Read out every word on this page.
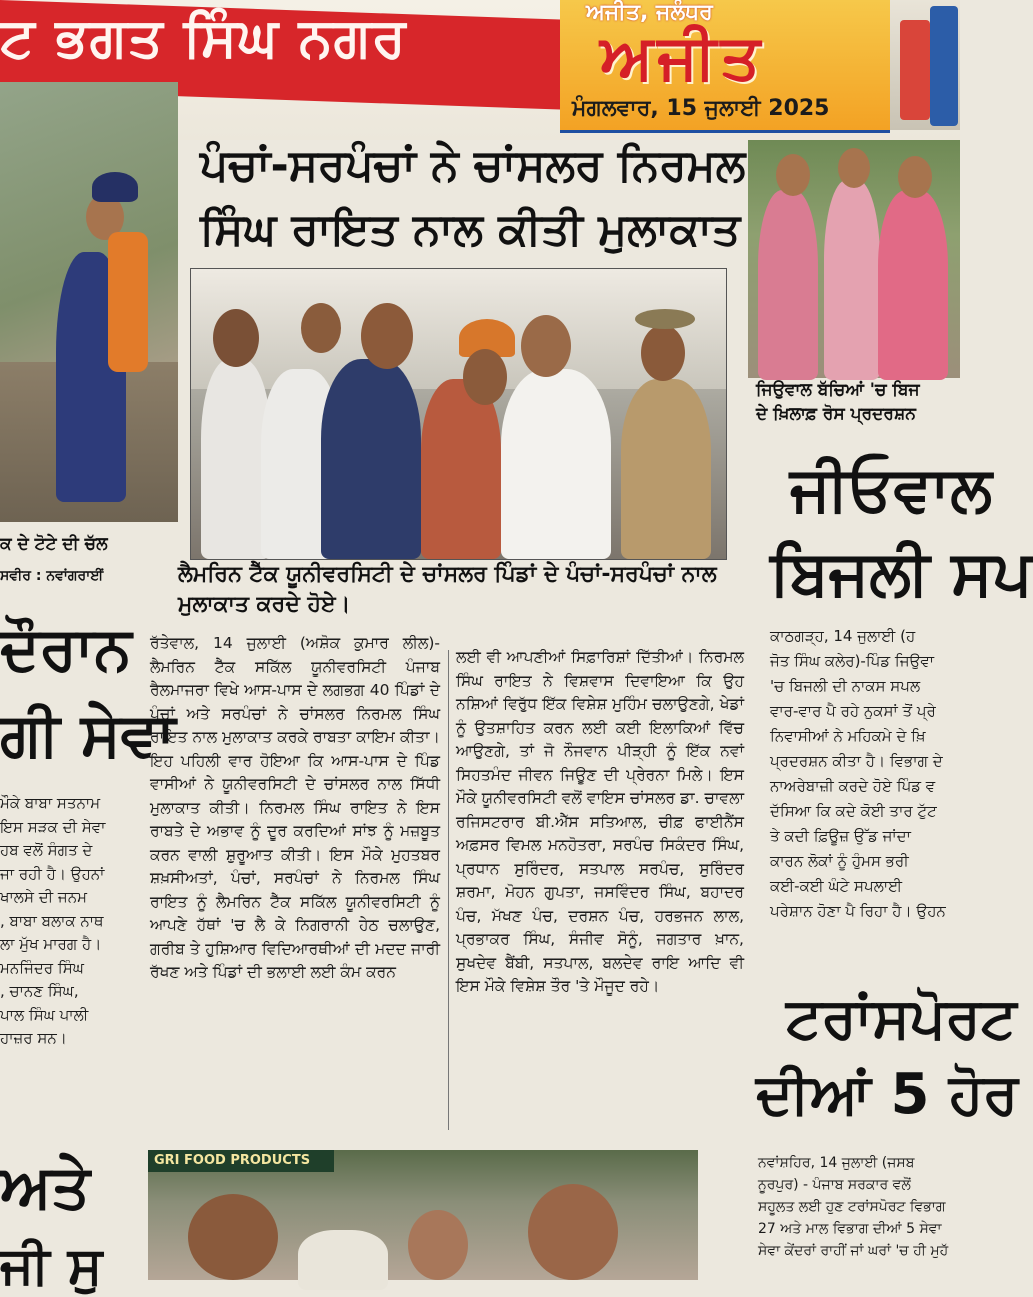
ਟ ਭਗਤ ਸਿੰਘ ਨਗਰ	ਅਜੀਤ, ਜਲੰਧਰ
ਅਜੀਤ
ਮੰਗਲਵਾਰ, 15 ਜੁਲਾਈ 2025
ਜਿਉਵਾਲ ਬੱਚਿਆਂ 'ਚ ਬਿਜ
ਦੇ ਖ਼ਿਲਾਫ਼ ਰੋਸ ਪ੍ਰਦਰਸ਼ਨ
ਪੰਚਾਂ-ਸਰਪੰਚਾਂ ਨੇ ਚਾਂਸਲਰ ਨਿਰਮਲ
ਸਿੰਘ ਰਾਇਤ ਨਾਲ ਕੀਤੀ ਮੁਲਾਕਾਤ
ਲੈਮਰਿਨ ਟੈੱਕ ਯੂਨੀਵਰਸਿਟੀ ਦੇ ਚਾਂਸਲਰ ਪਿੰਡਾਂ ਦੇ ਪੰਚਾਂ-ਸਰਪੰਚਾਂ ਨਾਲ ਮੁਲਾਕਾਤ ਕਰਦੇ ਹੋਏ।

ਰੱਤੇਵਾਲ, 14 ਜੁਲਾਈ (ਅਸ਼ੋਕ ਕੁਮਾਰ ਲੀਲ)-ਲੈਮਰਿਨ ਟੈੱਕ ਸਕਿੱਲ ਯੂਨੀਵਰਸਿਟੀ ਪੰਜਾਬ ਰੈਲਮਾਜਰਾ ਵਿਖੇ ਆਸ-ਪਾਸ ਦੇ ਲਗਭਗ 40 ਪਿੰਡਾਂ ਦੇ ਪੰਚਾਂ ਅਤੇ ਸਰਪੰਚਾਂ ਨੇ ਚਾਂਸਲਰ ਨਿਰਮਲ ਸਿੰਘ ਰਾਇਤ ਨਾਲ ਮੁਲਾਕਾਤ ਕਰਕੇ ਰਾਬਤਾ ਕਾਇਮ ਕੀਤਾ। ਇਹ ਪਹਿਲੀ ਵਾਰ ਹੋਇਆ ਕਿ ਆਸ-ਪਾਸ ਦੇ ਪਿੰਡ ਵਾਸੀਆਂ ਨੇ ਯੂਨੀਵਰਸਿਟੀ ਦੇ ਚਾਂਸਲਰ ਨਾਲ ਸਿੱਧੀ ਮੁਲਾਕਾਤ ਕੀਤੀ। ਨਿਰਮਲ ਸਿੰਘ ਰਾਇਤ ਨੇ ਇਸ ਰਾਬਤੇ ਦੇ ਅਭਾਵ ਨੂੰ ਦੂਰ ਕਰਦਿਆਂ ਸਾਂਝ ਨੂੰ ਮਜ਼ਬੂਤ ਕਰਨ ਵਾਲੀ ਸ਼ੁਰੂਆਤ ਕੀਤੀ। ਇਸ ਮੌਕੇ ਮੁਹਤਬਰ ਸ਼ਖ਼ਸੀਅਤਾਂ, ਪੰਚਾਂ, ਸਰਪੰਚਾਂ ਨੇ ਨਿਰਮਲ ਸਿੰਘ ਰਾਇਤ ਨੂੰ ਲੈਮਰਿਨ ਟੈੱਕ ਸਕਿੱਲ ਯੂਨੀਵਰਸਿਟੀ ਨੂੰ ਆਪਣੇ ਹੱਥਾਂ 'ਚ ਲੈ ਕੇ ਨਿਗਰਾਨੀ ਹੇਠ ਚਲਾਉਣ, ਗਰੀਬ ਤੇ ਹੁਸ਼ਿਆਰ ਵਿਦਿਆਰਥੀਆਂ ਦੀ ਮਦਦ ਜਾਰੀ ਰੱਖਣ ਅਤੇ ਪਿੰਡਾਂ ਦੀ ਭਲਾਈ ਲਈ ਕੰਮ ਕਰਨ

ਲਈ ਵੀ ਆਪਣੀਆਂ ਸਿਫ਼ਾਰਿਸ਼ਾਂ ਦਿੱਤੀਆਂ। ਨਿਰਮਲ ਸਿੰਘ ਰਾਇਤ ਨੇ ਵਿਸ਼ਵਾਸ ਦਿਵਾਇਆ ਕਿ ਉਹ ਨਸ਼ਿਆਂ ਵਿਰੁੱਧ ਇੱਕ ਵਿਸ਼ੇਸ਼ ਮੁਹਿੰਮ ਚਲਾਉਣਗੇ, ਖੇਡਾਂ ਨੂੰ ਉਤਸ਼ਾਹਿਤ ਕਰਨ ਲਈ ਕਈ ਇਲਾਕਿਆਂ ਵਿੱਚ ਆਉਣਗੇ, ਤਾਂ ਜੋ ਨੌਜਵਾਨ ਪੀੜ੍ਹੀ ਨੂੰ ਇੱਕ ਨਵਾਂ ਸਿਹਤਮੰਦ ਜੀਵਨ ਜਿਊਣ ਦੀ ਪ੍ਰੇਰਨਾ ਮਿਲੇ। ਇਸ ਮੌਕੇ ਯੂਨੀਵਰਸਿਟੀ ਵਲੋਂ ਵਾਇਸ ਚਾਂਸਲਰ ਡਾ. ਚਾਵਲਾ ਰਜਿਸਟਰਾਰ ਬੀ.ਐੱਸ ਸਤਿਆਲ, ਚੀਫ਼ ਫਾਈਨੈਂਸ ਅਫ਼ਸਰ ਵਿਮਲ ਮਨਹੋਤਰਾ, ਸਰਪੰਚ ਸਿਕੰਦਰ ਸਿੰਘ, ਪ੍ਰਧਾਨ ਸੁਰਿੰਦਰ, ਸਤਪਾਲ ਸਰਪੰਚ, ਸੁਰਿੰਦਰ ਸ਼ਰਮਾ, ਮੋਹਨ ਗੁਪਤਾ, ਜਸਵਿੰਦਰ ਸਿੰਘ, ਬਹਾਦਰ ਪੰਚ, ਮੱਖਣ ਪੰਚ, ਦਰਸ਼ਨ ਪੰਚ, ਹਰਭਜਨ ਲਾਲ, ਪ੍ਰਭਾਕਰ ਸਿੰਘ, ਸੰਜੀਵ ਸੋਨੂੰ, ਜਗਤਾਰ ਖ਼ਾਨ, ਸੁਖਦੇਵ ਬੈਂਬੀ, ਸਤਪਾਲ, ਬਲਦੇਵ ਰਾਇ ਆਦਿ ਵੀ ਇਸ ਮੌਕੇ ਵਿਸ਼ੇਸ਼ ਤੌਰ 'ਤੇ ਮੌਜੂਦ ਰਹੇ।

ਕ ਦੇ ਟੋਟੇ ਦੀ ਚੱਲ
ਸਵੀਰ : ਨਵਾਂਗਰਾਈਂ
ਦੌਰਾਨ
ਗੀ ਸੇਵਾ
ਮੌਕੇ ਬਾਬਾ ਸਤਨਾਮ
ਇਸ ਸੜਕ ਦੀ ਸੇਵਾ
ਹਬ ਵਲੋਂ ਸੰਗਤ ਦੇ
ਜਾ ਰਹੀ ਹੈ। ਉਹਨਾਂ
ਖਾਲਸੇ ਦੀ ਜਨਮ
, ਬਾਬਾ ਬਲਾਕ ਨਾਥ
ਲਾ ਮੁੱਖ ਮਾਰਗ ਹੈ।
ਮਨਜਿੰਦਰ ਸਿੰਘ
, ਚਾਨਣ ਸਿੰਘ,
ਪਾਲ ਸਿੰਘ ਪਾਲੀ
ਹਾਜ਼ਰ ਸਨ।
ਅਤੇ
ਜੀ ਸੁ
ਜੀਓਵਾਲ
ਬਿਜਲੀ ਸਪ
ਕਾਠਗੜ੍ਹ, 14 ਜੁਲਾਈ (ਹ
ਜੋਤ ਸਿੰਘ ਕਲੇਰ)-ਪਿੰਡ ਜਿਉਵਾ
'ਚ ਬਿਜਲੀ ਦੀ ਨਾਕਸ ਸਪਲ
ਵਾਰ-ਵਾਰ ਪੈ ਰਹੇ ਨੁਕਸਾਂ ਤੋਂ ਪ੍ਰੇ
ਨਿਵਾਸੀਆਂ ਨੇ ਮਹਿਕਮੇ ਦੇ ਖ਼ਿ
ਪ੍ਰਦਰਸ਼ਨ ਕੀਤਾ ਹੈ। ਵਿਭਾਗ ਦੇ
ਨਾਅਰੇਬਾਜ਼ੀ ਕਰਦੇ ਹੋਏ ਪਿੰਡ ਵ
ਦੱਸਿਆ ਕਿ ਕਦੇ ਕੋਈ ਤਾਰ ਟੁੱਟ
ਤੇ ਕਦੀ ਫ਼ਿਊਜ਼ ਉੱਡ ਜਾਂਦਾ
ਕਾਰਨ ਲੋਕਾਂ ਨੂੰ ਹੁੰਮਸ ਭਰੀ
ਕਈ-ਕਈ ਘੰਟੇ ਸਪਲਾਈ
ਪਰੇਸ਼ਾਨ ਹੋਣਾ ਪੈ ਰਿਹਾ ਹੈ। ਉਹਨ
ਟਰਾਂਸਪੋਰਟ
ਦੀਆਂ 5 ਹੋਰ
ਨਵਾਂਸ਼ਹਿਰ, 14 ਜੁਲਾਈ (ਜਸਬ
ਨੂਰਪੁਰ) - ਪੰਜਾਬ ਸਰਕਾਰ ਵਲੋਂ
ਸਹੂਲਤ ਲਈ ਹੁਣ ਟਰਾਂਸਪੋਰਟ ਵਿਭਾਗ
27 ਅਤੇ ਮਾਲ ਵਿਭਾਗ ਦੀਆਂ 5 ਸੇਵਾ
ਸੇਵਾ ਕੇਂਦਰਾਂ ਰਾਹੀਂ ਜਾਂ ਘਰਾਂ 'ਚ ਹੀ ਮੁਹੱ
GRI FOOD PRODUCTS
